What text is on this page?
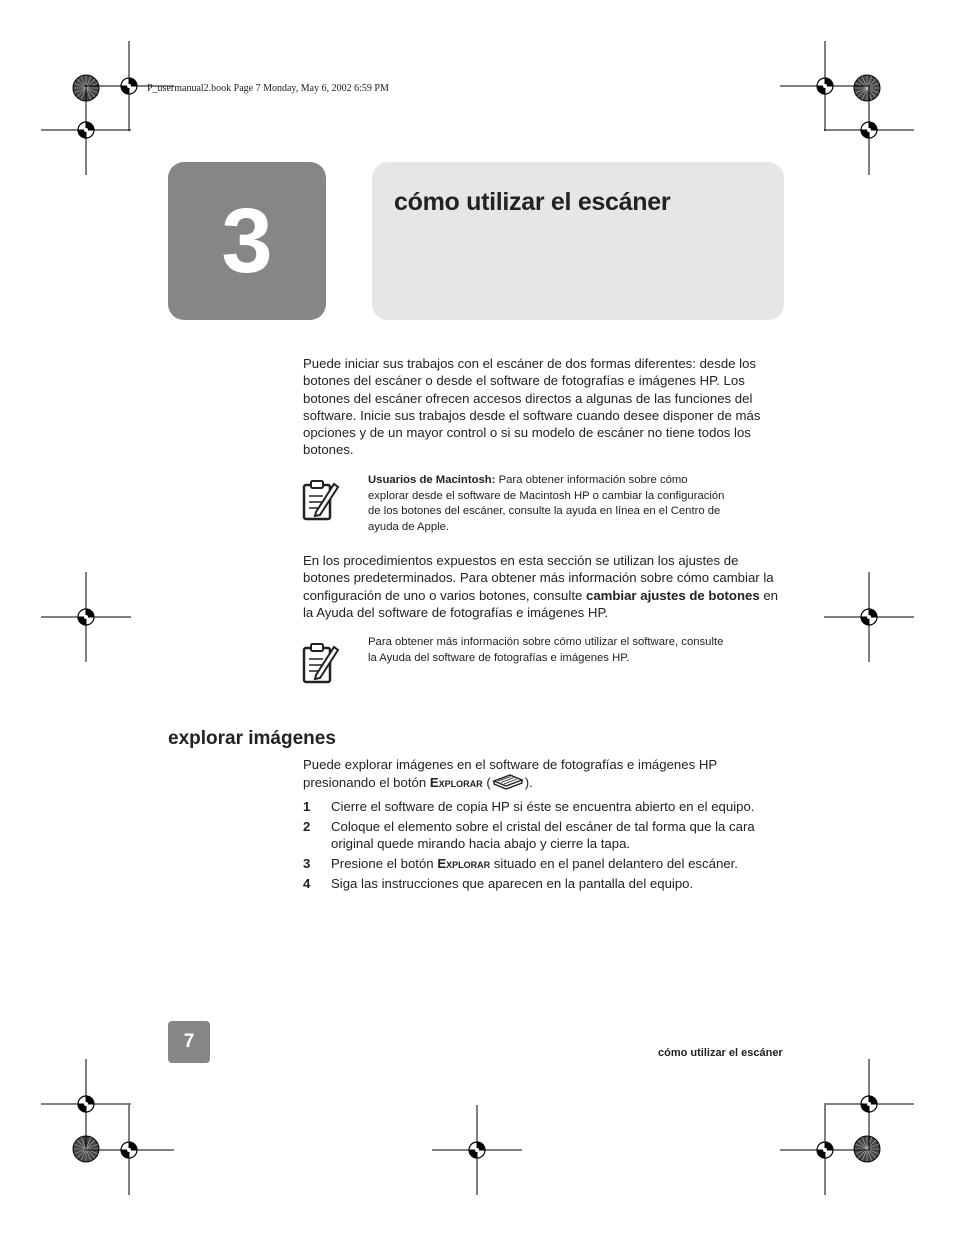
P_usermanual2.book Page 7 Monday, May 6, 2002 6:59 PM
3	cómo utilizar el escáner

Puede iniciar sus trabajos con el escáner de dos formas diferentes: desde los botones del escáner o desde el software de fotografías e imágenes HP. Los botones del escáner ofrecen accesos directos a algunas de las funciones del software. Inicie sus trabajos desde el software cuando desee disponer de más opciones y de un mayor control o si su modelo de escáner no tiene todos los botones.

Usuarios de Macintosh: Para obtener información sobre cómo explorar desde el software de Macintosh HP o cambiar la configuración de los botones del escáner, consulte la ayuda en línea en el Centro de ayuda de Apple.

En los procedimientos expuestos en esta sección se utilizan los ajustes de botones predeterminados. Para obtener más información sobre cómo cambiar la configuración de uno o varios botones, consulte cambiar ajustes de botones en la Ayuda del software de fotografías e imágenes HP.

Para obtener más información sobre cómo utilizar el software, consulte la Ayuda del software de fotografías e imágenes HP.

explorar imágenes

Puede explorar imágenes en el software de fotografías e imágenes HP presionando el botón Explorar (	).

1	Cierre el software de copia HP si éste se encuentra abierto en el equipo.
2	Coloque el elemento sobre el cristal del escáner de tal forma que la cara original quede mirando hacia abajo y cierre la tapa.
3	Presione el botón Explorar situado en el panel delantero del escáner.
4	Siga las instrucciones que aparecen en la pantalla del equipo.
7
cómo utilizar el escáner
